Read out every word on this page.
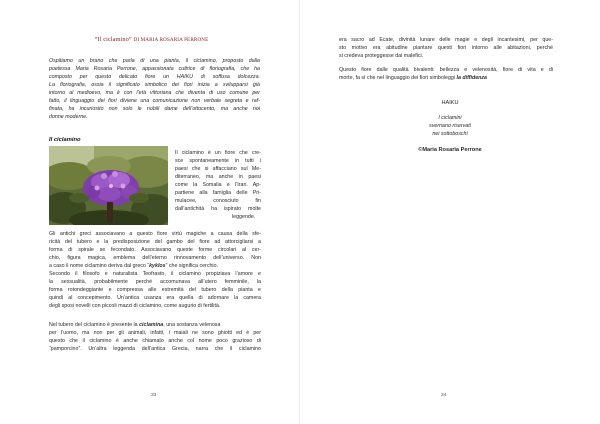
“Il ciclamino” DI MARIA ROSARIA PERRONE

Ospitiamo un brano che parla di una pianta, il ciclamino, proposto dalla

poetessa Maria Rosaria Perrone, appassionata cultrice di floriografia, che ha

composto per questo delicato fiore un HAIKU di soffusa dolcezza.

La floriografia, ossia il significato simbolico dei fiori inizia a svilupparsi già

intorno al medioevo, ma è con l’età vittoriana che diventa di uso comune per

fatto, il linguaggio dei fiori diviene una comunicazione non verbale segreta e raf-

finata, ha incuriosito non solo le nobili dame dell’ottocento, ma anche noi

donne moderne.

Il ciclamino

Il ciclamino è un fiore che cre-

sce spontaneamente in tutti i

paesi che si affacciano sul Me-

diterraneo, ma anche in paesi

come la Somalia e l’Iran. Ap-

partiene alla famiglia delle Pri-

mulacee, conosciuto fin

dall’antichità ha ispirato molte

leggende.

Gli antichi greci associavano a questo fiore virtù magiche a causa della sfe-

ricità del tubero e la predisposizione del gambo del fiore ad attorcigliarsi a

forma di spirale se fecondato. Associavano queste forme circolari al cer-

chio, figura magica, emblema dell’eterno rinnovamento dell’universo. Non

a caso il nome ciclamino deriva dal greco “kyklos” che significa cerchio.

Secondo il filosofo e naturalista Teofrasto, il ciclamino propiziava l’amore e

la sessualità, probabilmente perché accomunava all’utero femminile, la

forma rotondeggiante e compressa alle estremità del tubero della pianta e

quindi al concepimento. Un’antica usanza era quella di adornare la camera

degli sposi novelli con piccoli mazzi di ciclamino, come augurio di fertilità.

Nel tubero del ciclamino è presente la ciclamina, una sostanza velenosa

per l’uomo, ma non per gli animali, infatti, i maiali ne sono ghiotti ed è per

questo che il ciclamino è anche chiamato anche col nome poco grazioso di

“pamporcino”. Un’altra leggenda dell’antica Grecia, narra che il ciclamino

33

era sacro ad Ecate, divinità lunare delle magie e degli incantesimi, per que-

sto motivo era abitudine piantare questi fiori intorno alle abitazioni, perché

si credeva proteggesse dai malefici.

Questo fiore dalle qualità bivalenti: bellezza e velenosità, fiore di vita e di

morte, fa sì che nel linguaggio dei fiori simboleggi la diffidenza

HAIKU
I ciclamini
svernano riservati
nei sottoboschi
©Maria Rosaria Perrone
34
